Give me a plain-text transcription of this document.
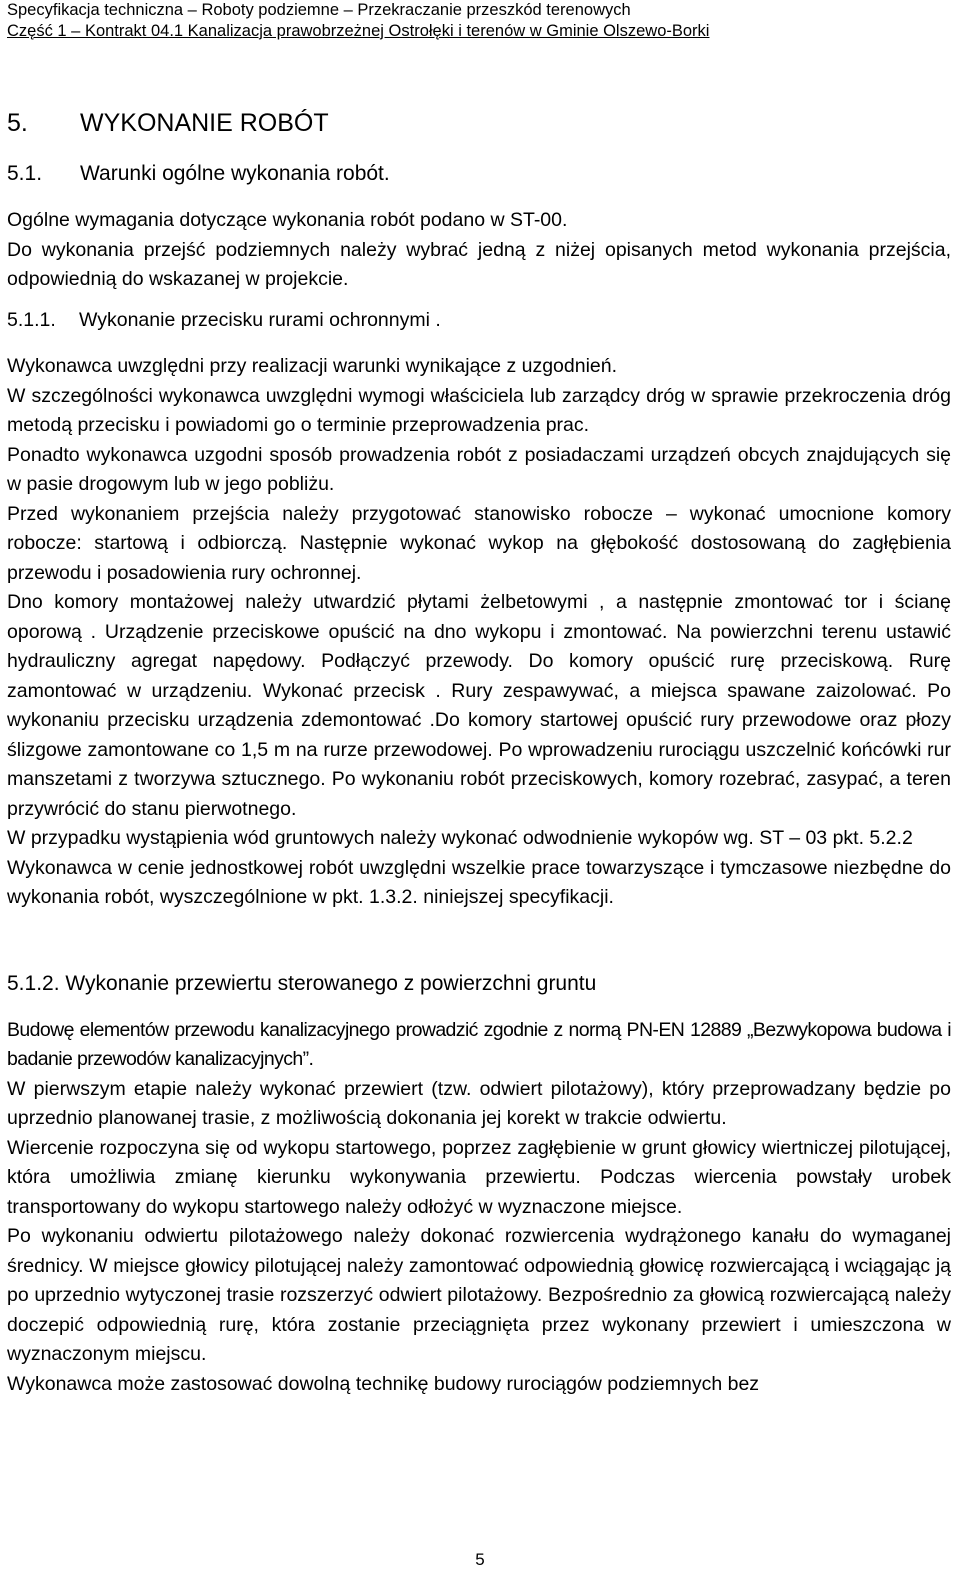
Specyfikacja techniczna – Roboty podziemne – Przekraczanie przeszkód terenowych
Część 1 – Kontrakt 04.1 Kanalizacja prawobrzeżnej Ostrołęki i terenów w Gminie Olszewo-Borki
5. WYKONANIE ROBÓT
5.1. Warunki ogólne wykonania robót.

Ogólne wymagania dotyczące wykonania robót podano w ST-00.

Do wykonania przejść podziemnych należy wybrać jedną z niżej opisanych metod wykonania przejścia, odpowiednią do wskazanej w projekcie.

5.1.1. Wykonanie przecisku rurami ochronnymi .

Wykonawca uwzględni przy realizacji warunki wynikające z uzgodnień.

W szczególności wykonawca uwzględni wymogi właściciela lub zarządcy dróg w sprawie przekroczenia dróg metodą przecisku i powiadomi go o terminie przeprowadzenia prac.

Ponadto wykonawca uzgodni sposób prowadzenia robót z posiadaczami urządzeń obcych znajdujących się w pasie drogowym lub w jego pobliżu.

Przed wykonaniem przejścia należy przygotować stanowisko robocze – wykonać umocnione komory robocze: startową i odbiorczą. Następnie wykonać wykop na głębokość dostosowaną do zagłębienia przewodu i posadowienia rury ochronnej.

Dno komory montażowej należy utwardzić płytami żelbetowymi , a następnie zmontować tor i ścianę oporową . Urządzenie przeciskowe opuścić na dno wykopu i zmontować. Na powierzchni terenu ustawić hydrauliczny agregat napędowy. Podłączyć przewody. Do komory opuścić rurę przeciskową. Rurę zamontować w urządzeniu. Wykonać przecisk . Rury zespawywać, a miejsca spawane zaizolować. Po wykonaniu przecisku urządzenia zdemontować .Do komory startowej opuścić rury przewodowe oraz płozy ślizgowe zamontowane co 1,5 m na rurze przewodowej. Po wprowadzeniu rurociągu uszczelnić końcówki rur manszetami z tworzywa sztucznego. Po wykonaniu robót przeciskowych, komory rozebrać, zasypać, a teren przywrócić do stanu pierwotnego.

W przypadku wystąpienia wód gruntowych należy wykonać odwodnienie wykopów wg. ST – 03 pkt. 5.2.2

Wykonawca w cenie jednostkowej robót uwzględni wszelkie prace towarzyszące i tymczasowe niezbędne do wykonania robót, wyszczególnione w pkt. 1.3.2. niniejszej specyfikacji.

5.1.2. Wykonanie przewiertu sterowanego z powierzchni gruntu

Budowę elementów przewodu kanalizacyjnego prowadzić zgodnie z normą PN-EN 12889 „Bezwykopowa budowa i badanie przewodów kanalizacyjnych”.

W pierwszym etapie należy wykonać przewiert (tzw. odwiert pilotażowy), który przeprowadzany będzie po uprzednio planowanej trasie, z możliwością dokonania jej korekt w trakcie odwiertu.

Wiercenie rozpoczyna się od wykopu startowego, poprzez zagłębienie w grunt głowicy wiertniczej pilotującej, która umożliwia zmianę kierunku wykonywania przewiertu. Podczas wiercenia powstały urobek transportowany do wykopu startowego należy odłożyć w wyznaczone miejsce.

Po wykonaniu odwiertu pilotażowego należy dokonać rozwiercenia wydrążonego kanału do wymaganej średnicy. W miejsce głowicy pilotującej należy zamontować odpowiednią głowicę rozwiercającą i wciągając ją po uprzednio wytyczonej trasie rozszerzyć odwiert pilotażowy. Bezpośrednio za głowicą rozwiercającą należy doczepić odpowiednią rurę, która zostanie przeciągnięta przez wykonany przewiert i umieszczona w wyznaczonym miejscu.

Wykonawca może zastosować dowolną technikę budowy rurociągów podziemnych bez

5
